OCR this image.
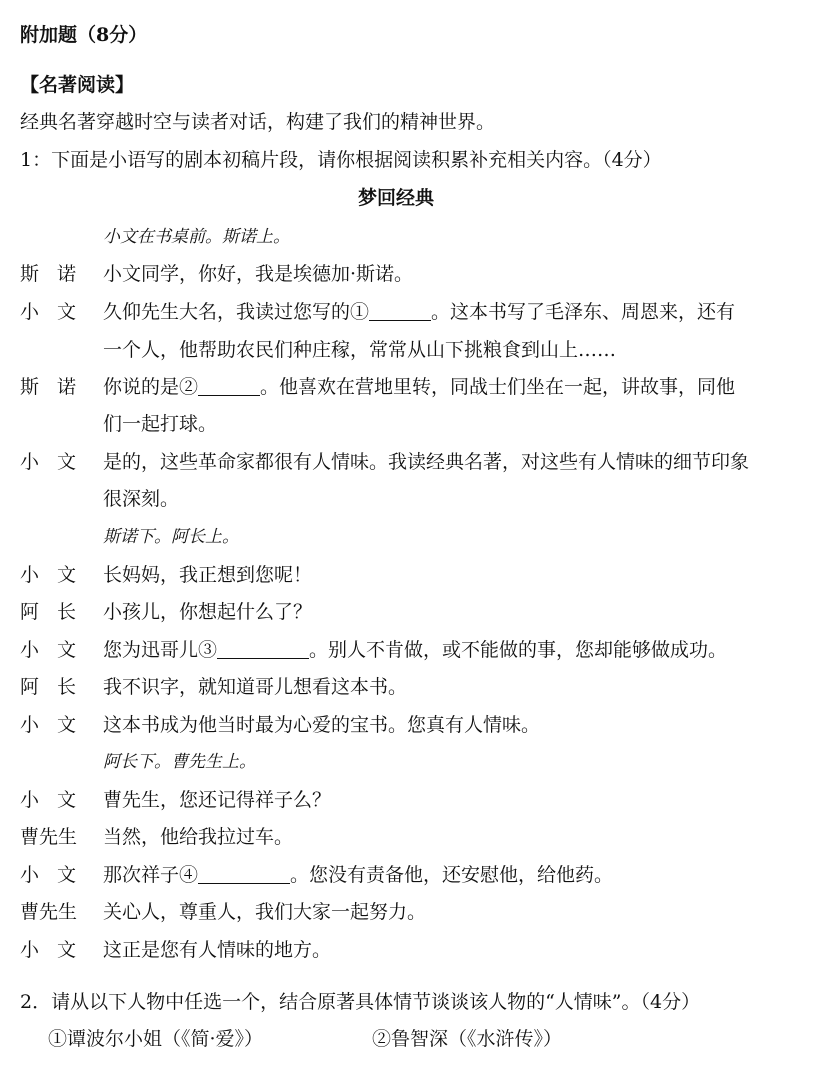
附加题（8分）
【名著阅读】
经典名著穿越时空与读者对话，构建了我们的精神世界。
1：下面是小语写的剧本初稿片段，请你根据阅读积累补充相关内容。（4分）
梦回经典
小文在书桌前。斯诺上。
斯诺 小文同学，你好，我是埃德加·斯诺。
小文 久仰先生大名，我读过您写的①	。这本书写了毛泽东、周恩来，还有
一个人，他帮助农民们种庄稼，常常从山下挑粮食到山上……
斯诺 你说的是②	。他喜欢在营地里转，同战士们坐在一起，讲故事，同他
们一起打球。
小文 是的，这些革命家都很有人情味。我读经典名著，对这些有人情味的细节印象
很深刻。
斯诺下。阿长上。
小文 长妈妈，我正想到您呢！
阿长 小孩儿，你想起什么了？
小文 您为迅哥儿③	。别人不肯做，或不能做的事，您却能够做成功。
阿长 我不识字，就知道哥儿想看这本书。
小文 这本书成为他当时最为心爱的宝书。您真有人情味。
阿长下。曹先生上。
小文 曹先生，您还记得祥子么？
曹先生 当然，他给我拉过车。
小文 那次祥子④	。您没有责备他，还安慰他，给他药。
曹先生 关心人，尊重人，我们大家一起努力。
小文 这正是您有人情味的地方。
2．请从以下人物中任选一个，结合原著具体情节谈谈该人物的“人情味”。（4分）
①谭波尔小姐（《简·爱》）	②鲁智深（《水浒传》）
